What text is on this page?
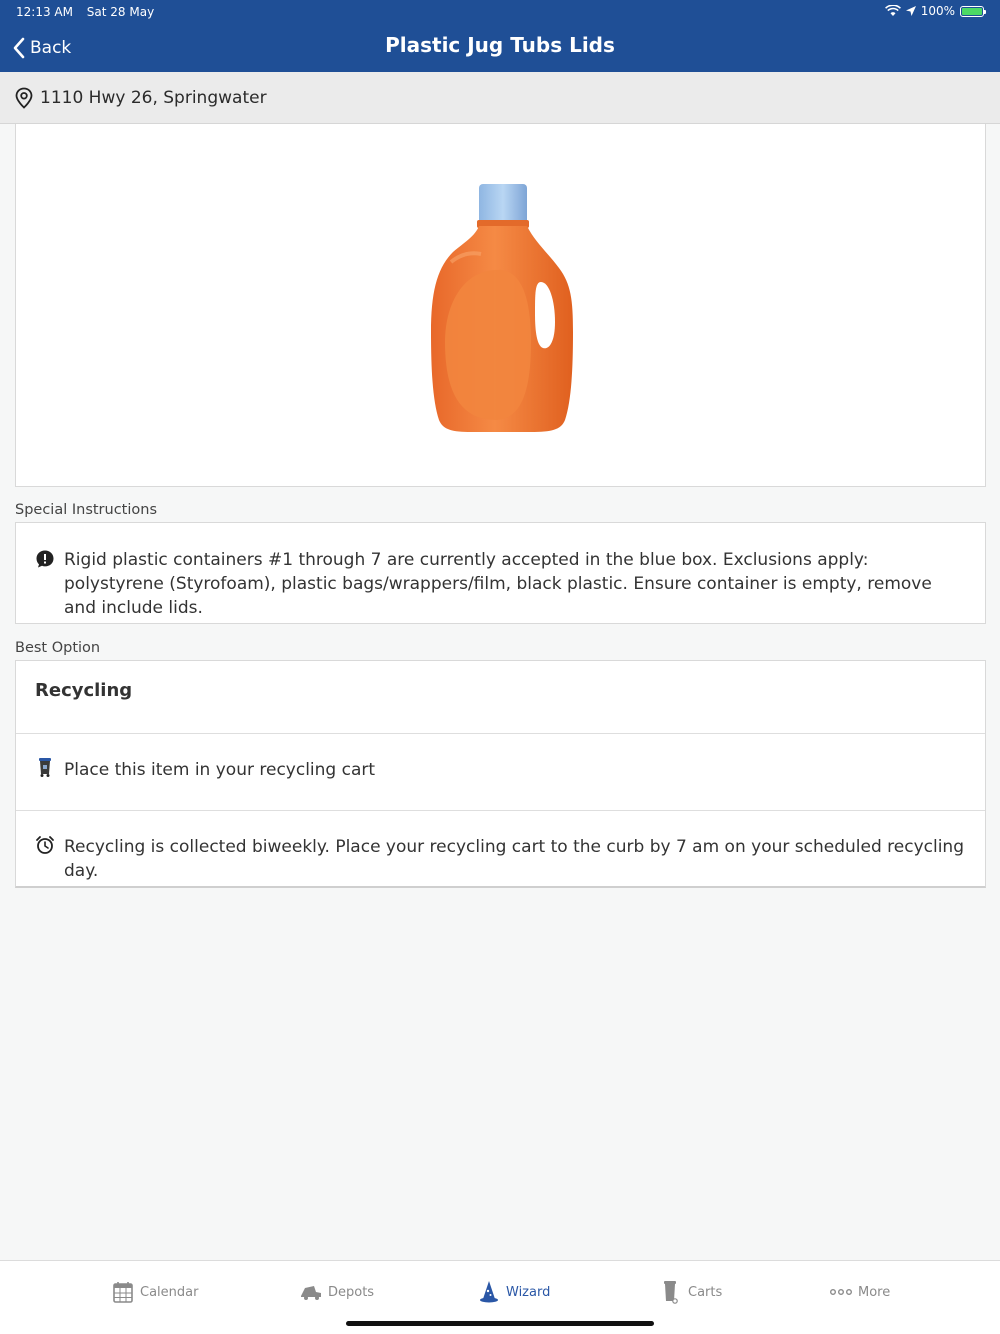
12:13 AM Sat 28 May	100%
Back	Plastic Jug Tubs Lids
1110 Hwy 26, Springwater
Special Instructions
Rigid plastic containers #1 through 7 are currently accepted in the blue box. Exclusions apply: polystyrene (Styrofoam), plastic bags/wrappers/film, black plastic. Ensure container is empty, remove and include lids.
Best Option
Recycling
Place this item in your recycling cart
Recycling is collected biweekly. Place your recycling cart to the curb by 7 am on your scheduled recycling day.
Calendar	Depots	Wizard	Carts	More
